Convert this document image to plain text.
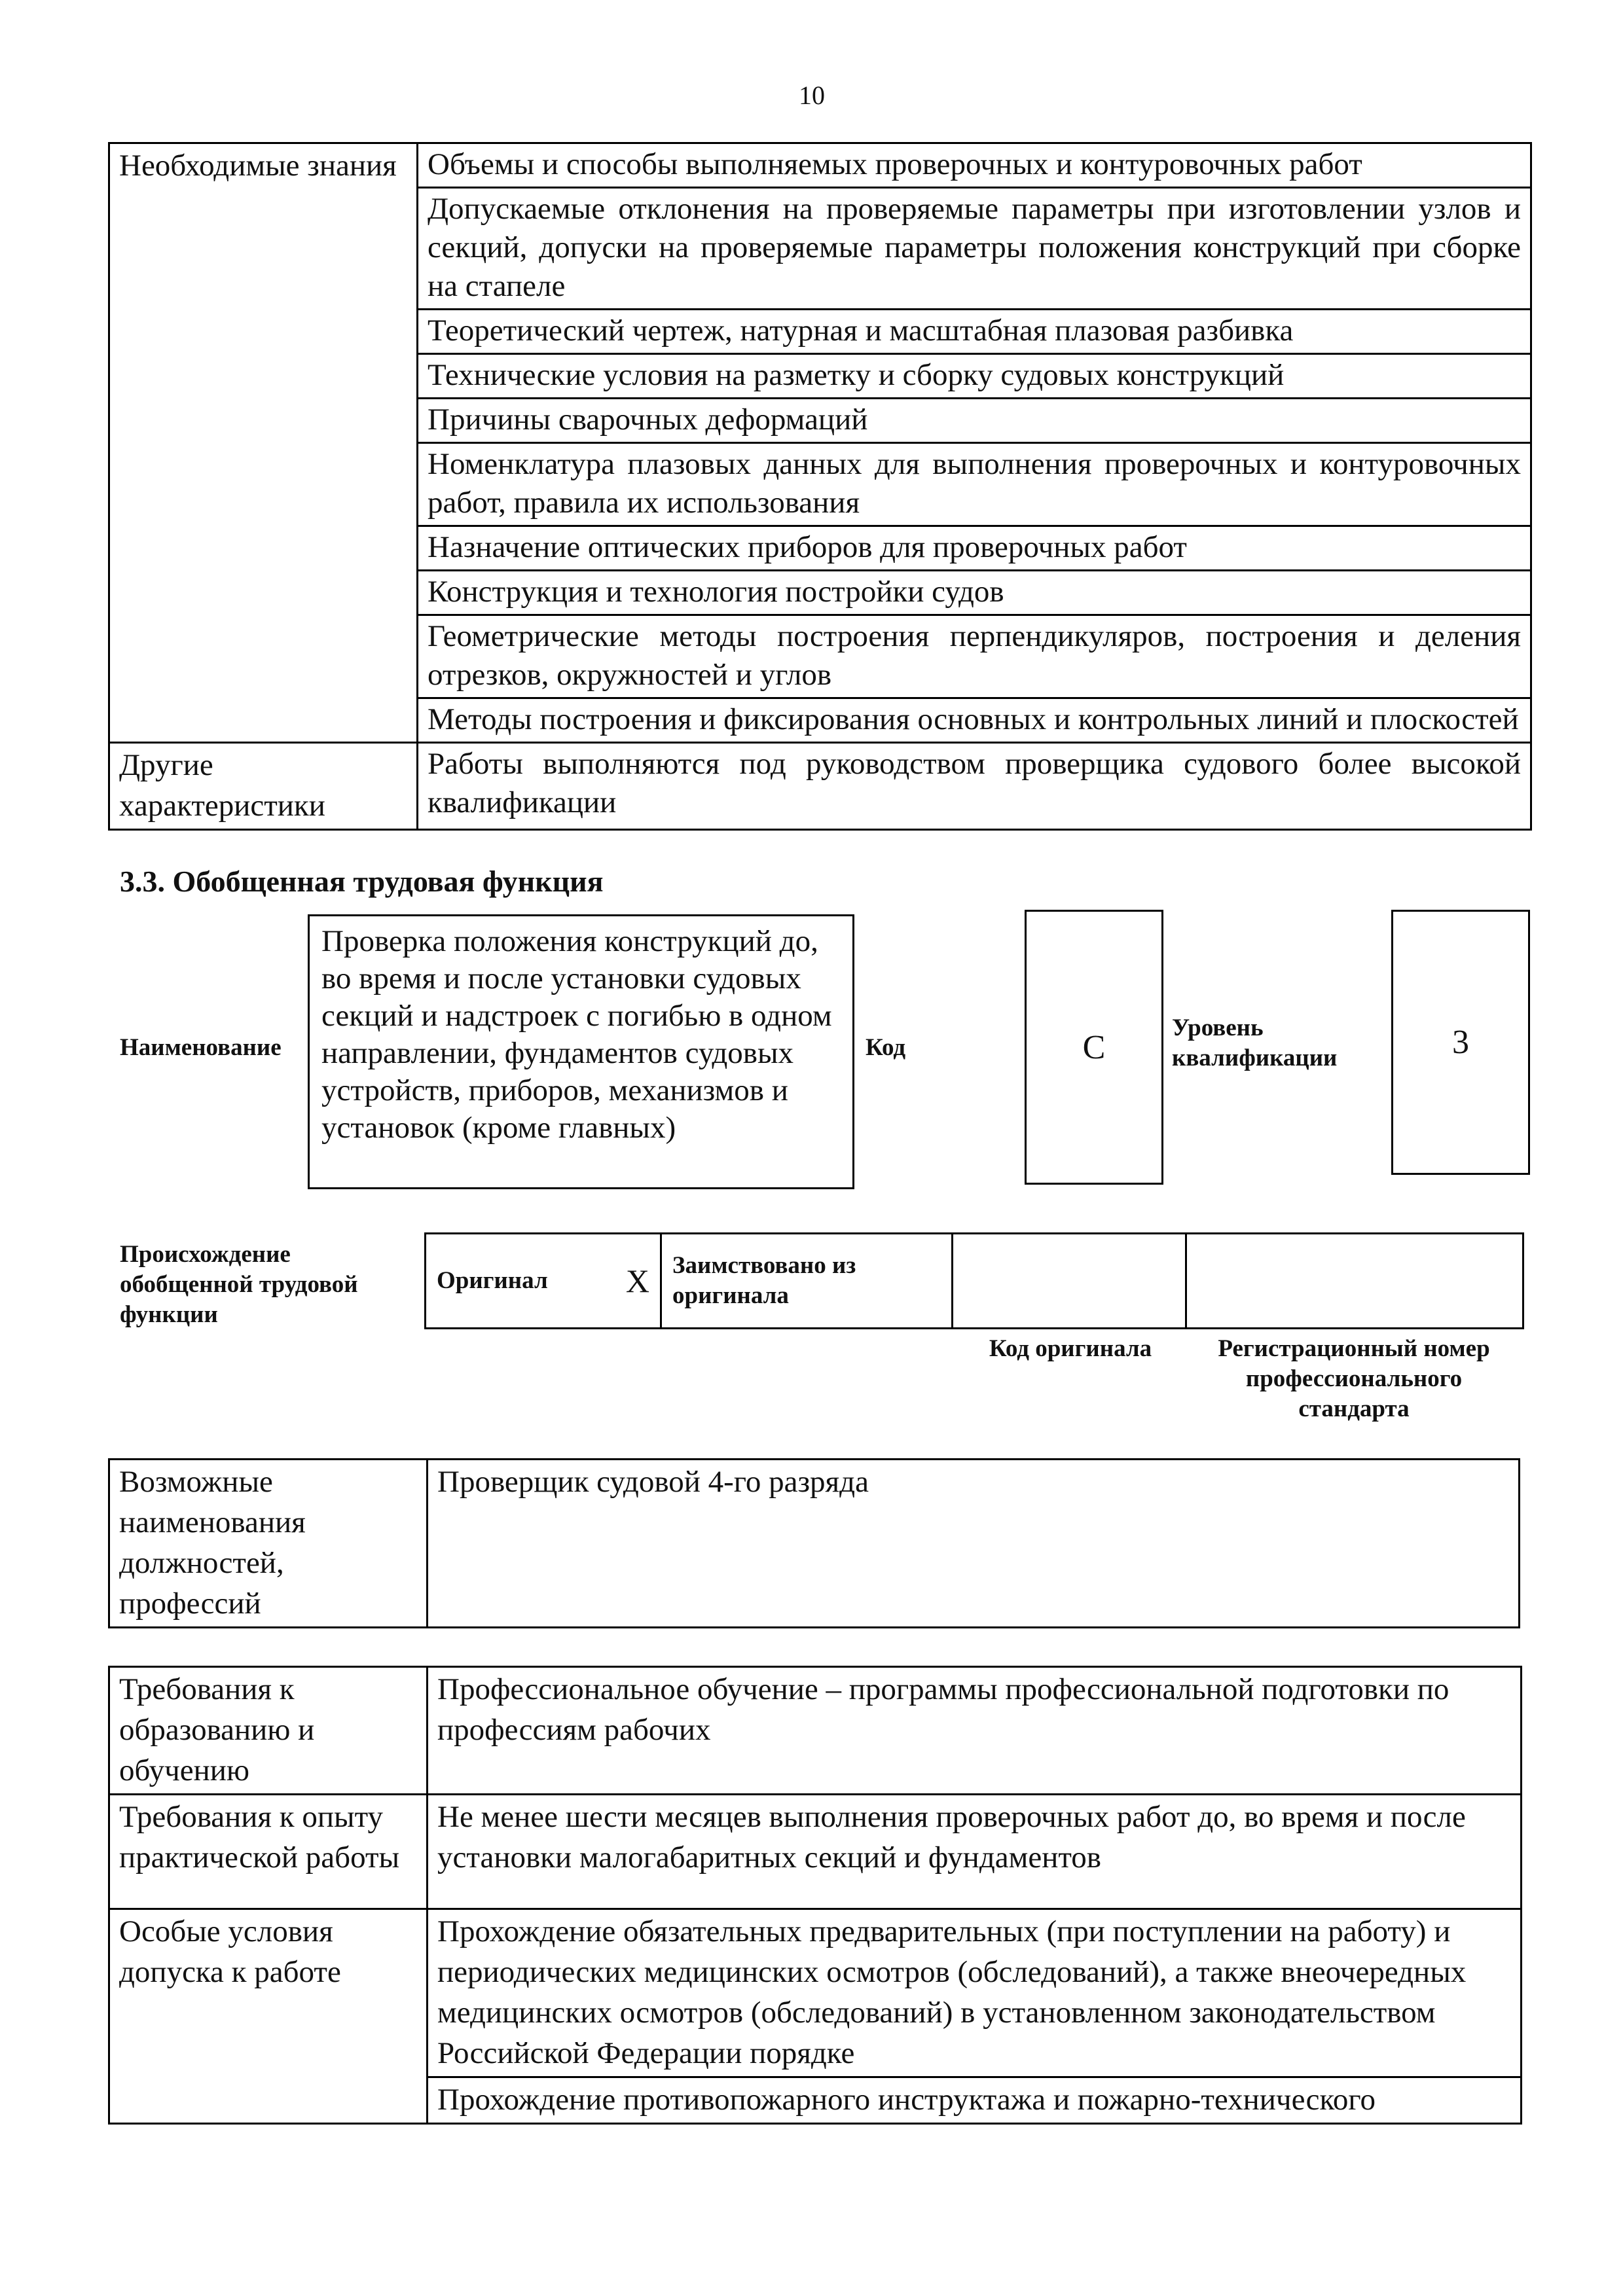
10
Необходимые знания	Объемы и способы выполняемых проверочных и контуровочных работ
	Допускаемые отклонения на проверяемые параметры при изготовлении узлов и секций, допуски на проверяемые параметры положения конструкций при сборке на стапеле
	Теоретический чертеж, натурная и масштабная плазовая разбивка
	Технические условия на разметку и сборку судовых конструкций
	Причины сварочных деформаций
	Номенклатура плазовых данных для выполнения проверочных и контуровочных работ, правила их использования
	Назначение оптических приборов для проверочных работ
	Конструкция и технология постройки судов
	Геометрические методы построения перпендикуляров, построения и деления отрезков, окружностей и углов
	Методы построения и фиксирования основных и контрольных линий и плоскостей
Другие характеристики	Работы выполняются под руководством проверщика судового более высокой квалификации
3.3. Обобщенная трудовая функция
Наименование
Проверка положения конструкций до, во время и после установки судовых секций и надстроек с погибью в одном направлении, фундаментов судовых устройств, приборов, механизмов и установок (кроме главных)
Код	С
Уровень квалификации	3
Происхождение обобщенной трудовой функции
Оригинал X	Заимствовано из оригинала		
Код оригинала	Регистрационный номер профессионального стандарта
Возможные наименования должностей, профессий	Проверщик судовой 4-го разряда
Требования к образованию и обучению	Профессиональное обучение – программы профессиональной подготовки по профессиям рабочих
Требования к опыту практической работы	Не менее шести месяцев выполнения проверочных работ до, во время и после установки малогабаритных секций и фундаментов
Особые условия допуска к работе	Прохождение обязательных предварительных (при поступлении на работу) и периодических медицинских осмотров (обследований), а также внеочередных медицинских осмотров (обследований) в установленном законодательством Российской Федерации порядке
	Прохождение противопожарного инструктажа и пожарно-технического
